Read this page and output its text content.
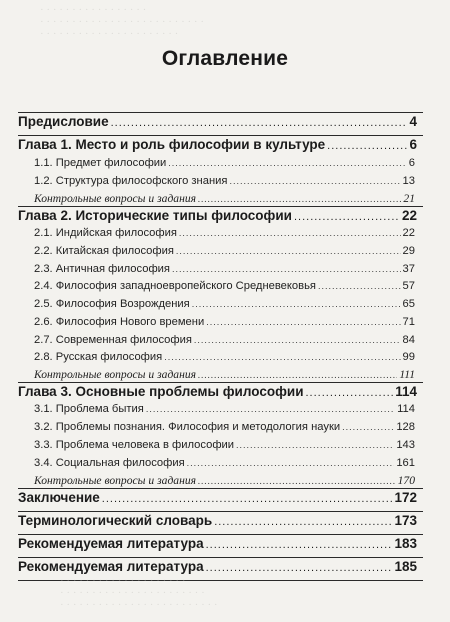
· · · · · · · · · · · · · · · · ·
· · · · · · · · · · · · · · · · · · · · · · · · · ·
· · · · · · · · · · · · · · · · · · · · · ·
Оглавление
Предисловие .....	4
Глава 1. Место и роль философии в культуре .....	6
1.1. Предмет философии .....	6
1.2. Структура философского знания .....	13
Контрольные вопросы и задания .....	21
Глава 2. Исторические типы философии .....	22
2.1. Индийская философия .....	22
2.2. Китайская философия .....	29
2.3. Античная философия .....	37
2.4. Философия западноевропейского Средневековья .....	57
2.5. Философия Возрождения .....	65
2.6. Философия Нового времени .....	71
2.7. Современная философия .....	84
2.8. Русская философия .....	99
Контрольные вопросы и задания .....	111
Глава 3. Основные проблемы философии .....	114
3.1. Проблема бытия .....	114
3.2. Проблемы познания. Философия и методология науки .....	128
3.3. Проблема человека в философии .....	143
3.4. Социальная философия .....	161
Контрольные вопросы и задания .....	170
Заключение .....	172
Терминологический словарь .....	173
Рекомендуемая литература .....	183
Рекомендуемая литература .....	185
· · · · · · · · · · · · · · · · · · · ·
· · · · · · · · · · · · · · · · · · · · · · ·
· · · · · · · · · · · · · · · · · · · · · · · · ·
